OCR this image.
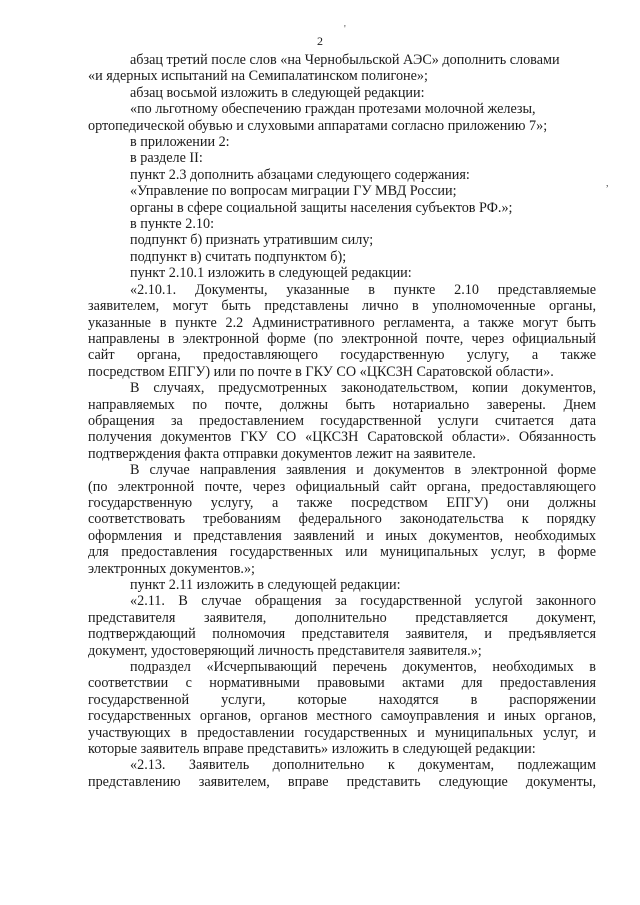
2
'
,

абзац третий после слов «на Чернобыльской АЭС» дополнить словами

«и ядерных испытаний на Семипалатинском полигоне»;

абзац восьмой изложить в следующей редакции:

«по льготному обеспечению граждан протезами молочной железы,

ортопедической обувью и слуховыми аппаратами согласно приложению 7»;

в приложении 2:

в разделе II:

пункт 2.3 дополнить абзацами следующего содержания:

«Управление по вопросам миграции ГУ МВД России;

органы в сфере социальной защиты населения субъектов РФ.»;

в пункте 2.10:

подпункт б) признать утратившим силу;

подпункт в) считать подпунктом б);

пункт 2.10.1 изложить в следующей редакции:

«2.10.1. Документы, указанные в пункте 2.10 представляемые

заявителем, могут быть представлены лично в уполномоченные органы,

указанные в пункте 2.2 Административного регламента, а также могут быть

направлены в электронной форме (по электронной почте, через официальный

сайт органа, предоставляющего государственную услугу, а также

посредством ЕПГУ) или по почте в ГКУ СО «ЦКСЗН Саратовской области».

В случаях, предусмотренных законодательством, копии документов,

направляемых по почте, должны быть нотариально заверены. Днем

обращения за предоставлением государственной услуги считается дата

получения документов ГКУ СО «ЦКСЗН Саратовской области». Обязанность

подтверждения факта отправки документов лежит на заявителе.

В случае направления заявления и документов в электронной форме

(по электронной почте, через официальный сайт органа, предоставляющего

государственную услугу, а также посредством ЕПГУ) они должны

соответствовать требованиям федерального законодательства к порядку

оформления и представления заявлений и иных документов, необходимых

для предоставления государственных или муниципальных услуг, в форме

электронных документов.»;

пункт 2.11 изложить в следующей редакции:

«2.11. В случае обращения за государственной услугой законного

представителя заявителя, дополнительно представляется документ,

подтверждающий полномочия представителя заявителя, и предъявляется

документ, удостоверяющий личность представителя заявителя.»;

подраздел «Исчерпывающий перечень документов, необходимых в

соответствии с нормативными правовыми актами для предоставления

государственной услуги, которые находятся в распоряжении

государственных органов, органов местного самоуправления и иных органов,

участвующих в предоставлении государственных и муниципальных услуг, и

которые заявитель вправе представить» изложить в следующей редакции:

«2.13. Заявитель дополнительно к документам, подлежащим

представлению заявителем, вправе представить следующие документы,
